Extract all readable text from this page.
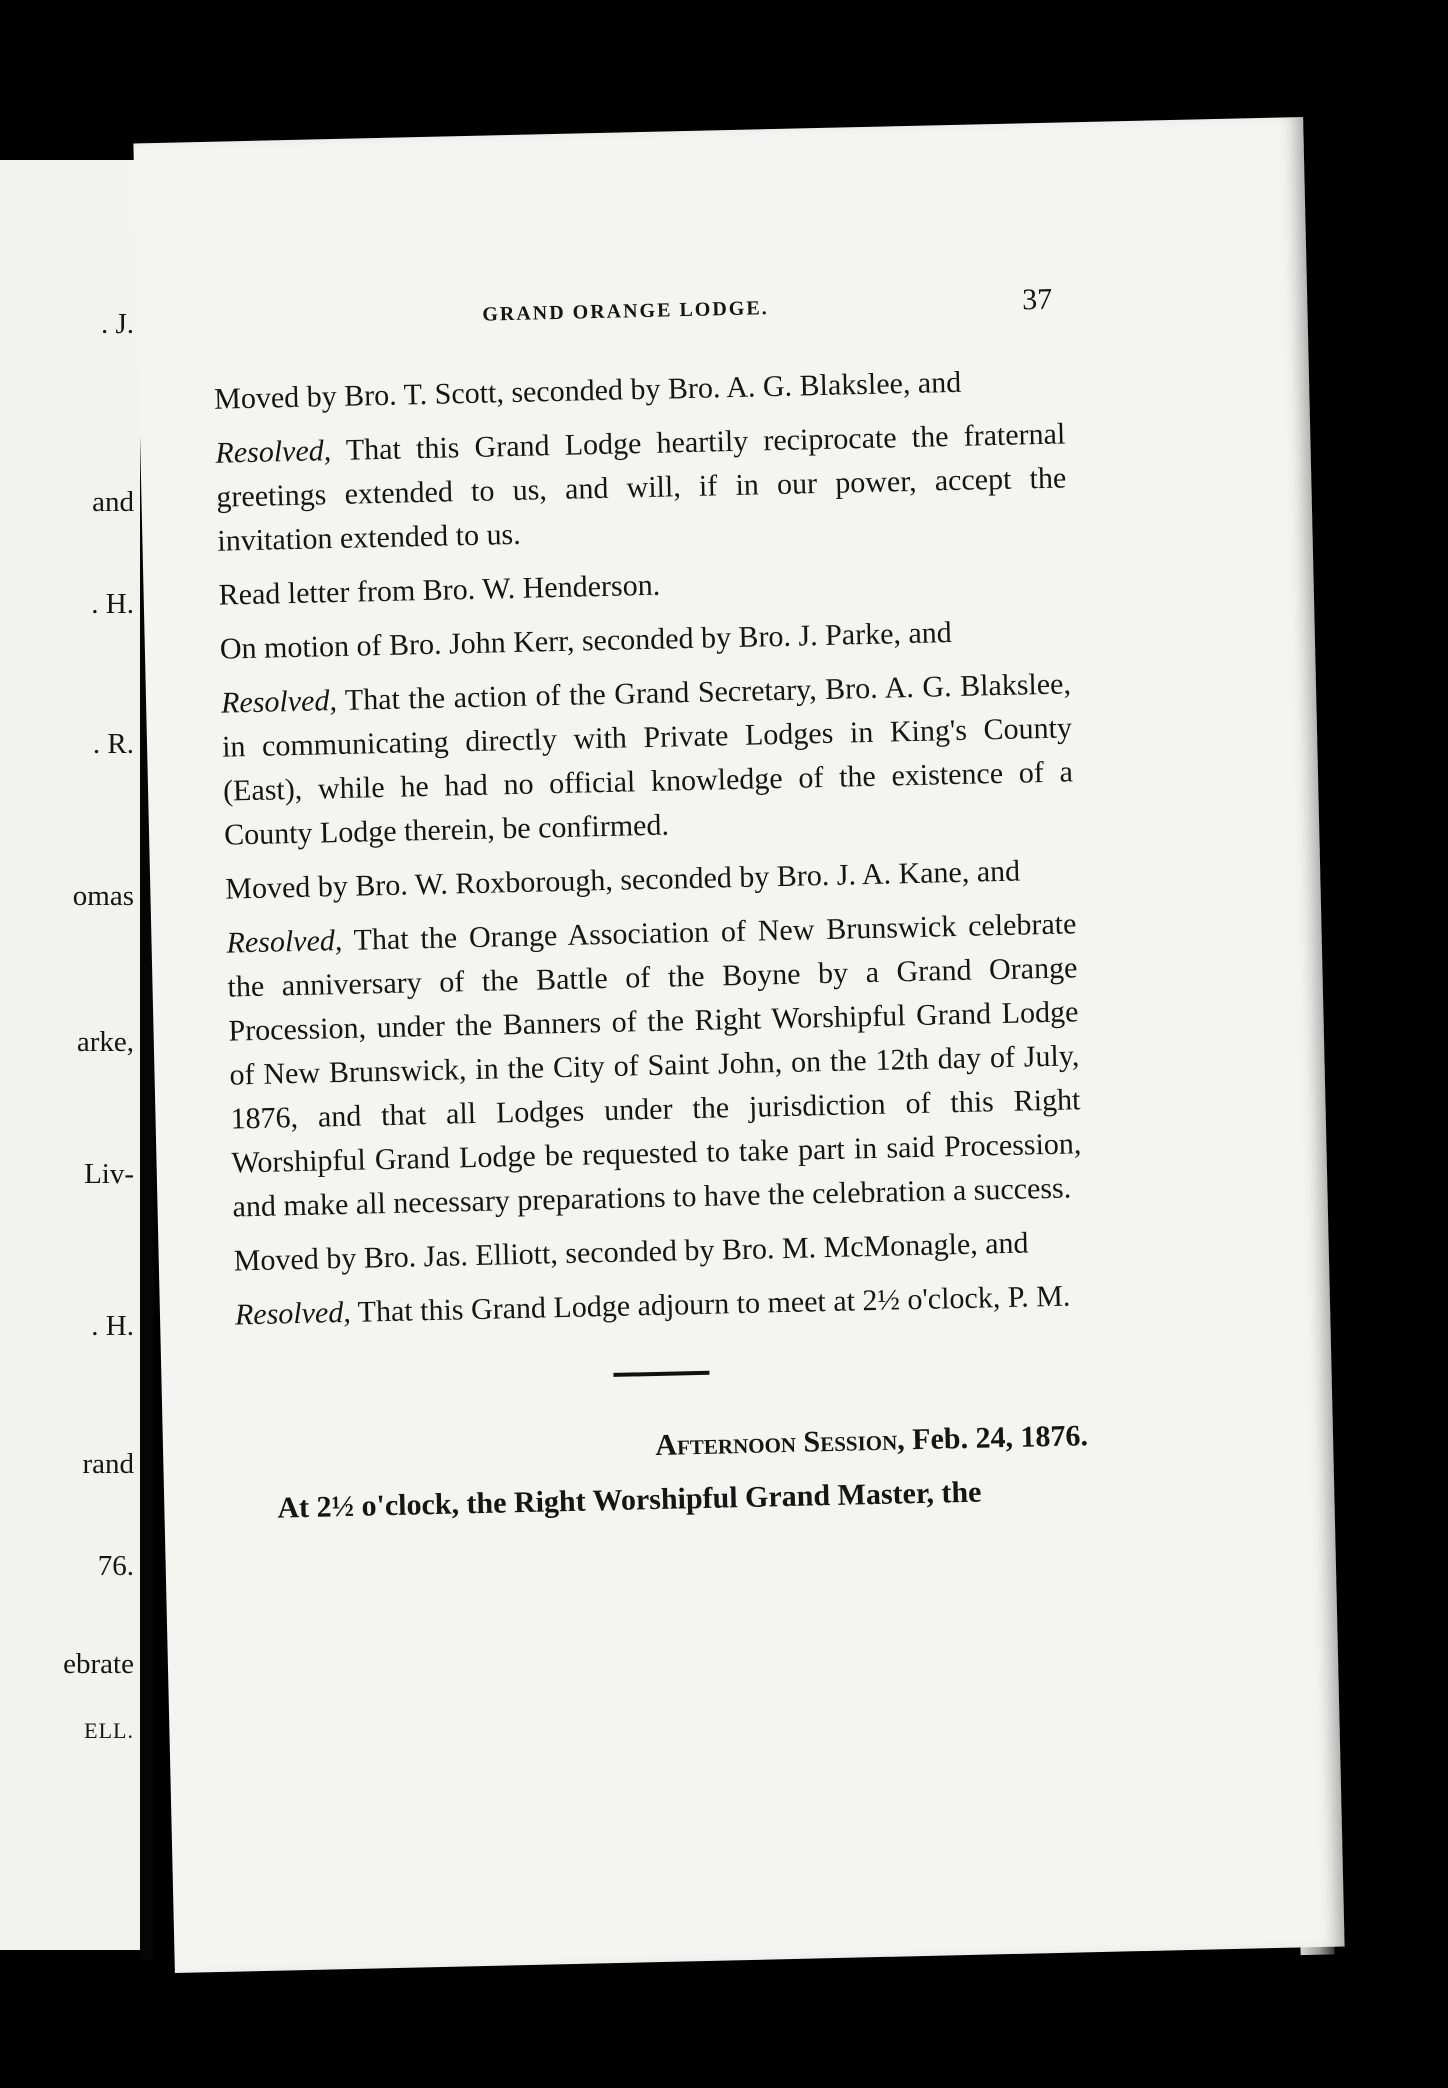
. J.
and
. H.
. R.
omas
arke,
Liv-
. H.
rand
76.
ebrate
ELL.
GRAND ORANGE LODGE.	37

Moved by Bro. T. Scott, seconded by Bro. A. G. Blakslee, and

Resolved, That this Grand Lodge heartily reciprocate the fraternal greetings extended to us, and will, if in our power, accept the invitation extended to us.

Read letter from Bro. W. Henderson.

On motion of Bro. John Kerr, seconded by Bro. J. Parke, and

Resolved, That the action of the Grand Secretary, Bro. A. G. Blakslee, in communicating directly with Private Lodges in King's County (East), while he had no official knowledge of the existence of a County Lodge therein, be confirmed.

Moved by Bro. W. Roxborough, seconded by Bro. J. A. Kane, and

Resolved, That the Orange Association of New Brunswick celebrate the anniversary of the Battle of the Boyne by a Grand Orange Procession, under the Banners of the Right Worshipful Grand Lodge of New Brunswick, in the City of Saint John, on the 12th day of July, 1876, and that all Lodges under the jurisdiction of this Right Worshipful Grand Lodge be requested to take part in said Procession, and make all necessary preparations to have the celebration a success.

Moved by Bro. Jas. Elliott, seconded by Bro. M. McMonagle, and

Resolved, That this Grand Lodge adjourn to meet at 2½ o'clock, P. M.

Afternoon Session, Feb. 24, 1876.

At 2½ o'clock, the Right Worshipful Grand Master, the
